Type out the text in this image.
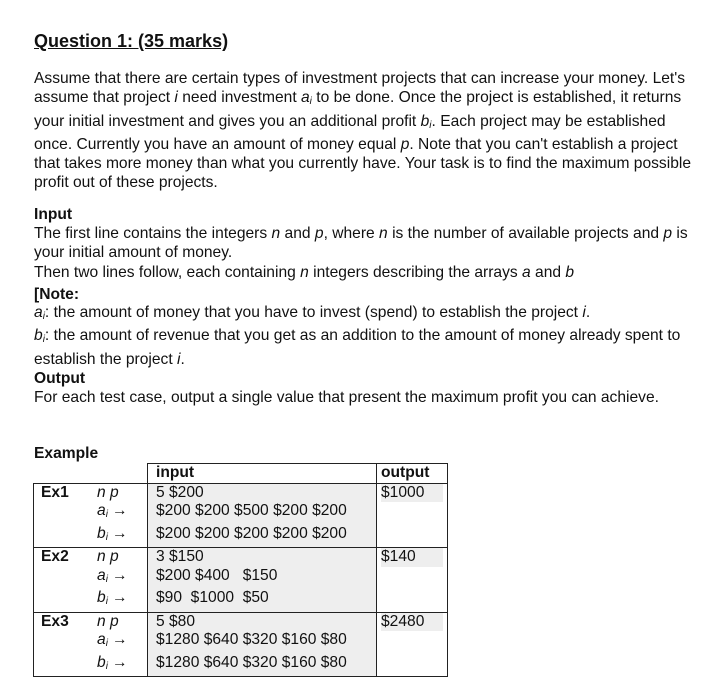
Question 1: (35 marks)

Assume that there are certain types of investment projects that can increase your money. Let's assume that project i need investment $a_i$ to be done. Once the project is established, it returns your initial investment and gives you an additional profit $b_i$. Each project may be established once. Currently you have an amount of money equal p. Note that you can't establish a project that takes more money than what you currently have. Your task is to find the maximum possible profit out of these projects.

Input

The first line contains the integers n and p, where n is the number of available projects and p is your initial amount of money.
Then two lines follow, each containing n integers describing the arrays a and b

[Note:

$a_i$: the amount of money that you have to invest (spend) to establish the project i.
$b_i$: the amount of revenue that you get as an addition to the amount of money already spent to establish the project i.

Output

For each test case, output a single value that present the maximum profit you can achieve.

Example
		input	output
Ex1	n p	5 $200	$1000

	$a_i$ →	$200 $200 $500 $200 $200	
	$b_i$ →	$200 $200 $200 $200 $200	
Ex2	n p	3 $150	$140

	$a_i$ →	$200 $400   $150	
	$b_i$ →	$90  $1000  $50	
Ex3	n p	5 $80	$2480

	$a_i$ →	$1280 $640 $320 $160 $80	
	$b_i$ →	$1280 $640 $320 $160 $80	
